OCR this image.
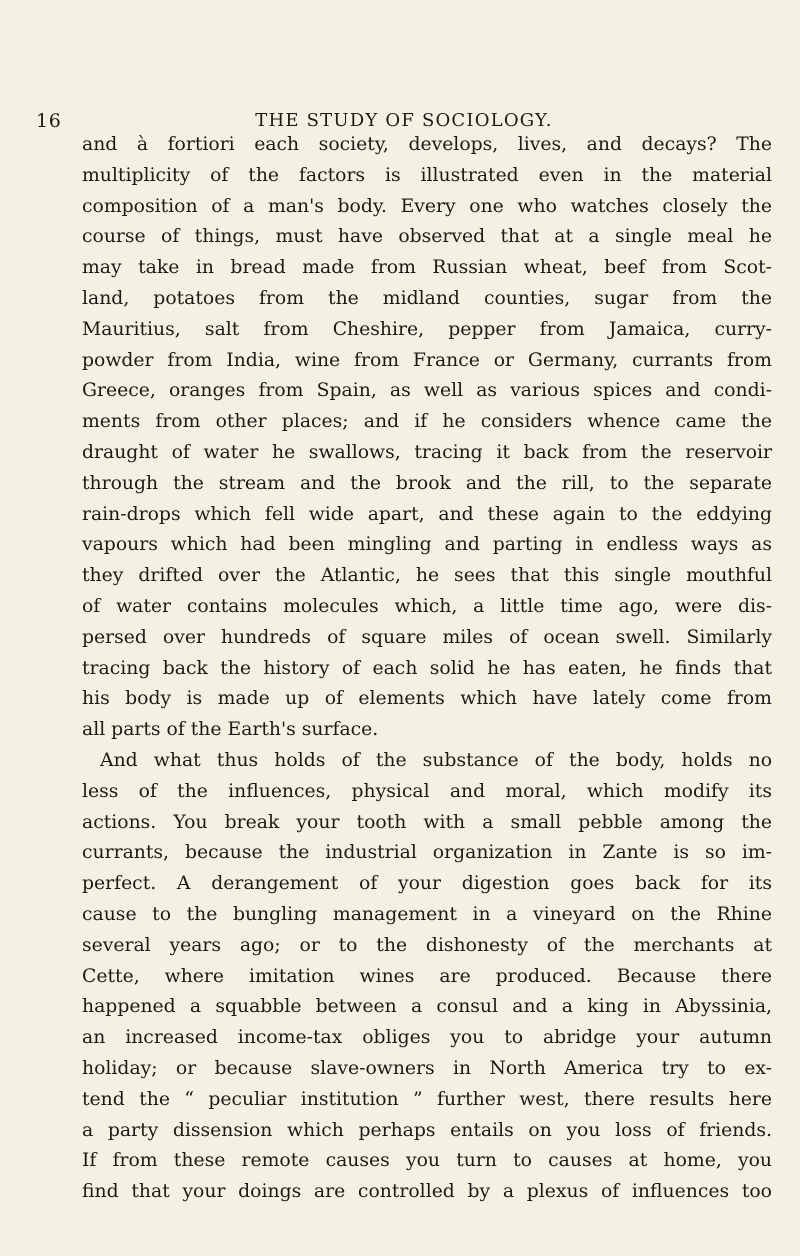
16	THE STUDY OF SOCIOLOGY.
and à fortiori each society, develops, lives, and decays? The
multiplicity of the factors is illustrated even in the material
composition of a man's body. Every one who watches closely the
course of things, must have observed that at a single meal he
may take in bread made from Russian wheat, beef from Scot-
land, potatoes from the midland counties, sugar from the
Mauritius, salt from Cheshire, pepper from Jamaica, curry-
powder from India, wine from France or Germany, currants from
Greece, oranges from Spain, as well as various spices and condi-
ments from other places; and if he considers whence came the
draught of water he swallows, tracing it back from the reservoir
through the stream and the brook and the rill, to the separate
rain-drops which fell wide apart, and these again to the eddying
vapours which had been mingling and parting in endless ways as
they drifted over the Atlantic, he sees that this single mouthful
of water contains molecules which, a little time ago, were dis-
persed over hundreds of square miles of ocean swell. Similarly
tracing back the history of each solid he has eaten, he finds that
his body is made up of elements which have lately come from
all parts of the Earth's surface.
And what thus holds of the substance of the body, holds no
less of the influences, physical and moral, which modify its
actions. You break your tooth with a small pebble among the
currants, because the industrial organization in Zante is so im-
perfect. A derangement of your digestion goes back for its
cause to the bungling management in a vineyard on the Rhine
several years ago; or to the dishonesty of the merchants at
Cette, where imitation wines are produced. Because there
happened a squabble between a consul and a king in Abyssinia,
an increased income-tax obliges you to abridge your autumn
holiday; or because slave-owners in North America try to ex-
tend the “ peculiar institution ” further west, there results here
a party dissension which perhaps entails on you loss of friends.
If from these remote causes you turn to causes at home, you
find that your doings are controlled by a plexus of influences too
